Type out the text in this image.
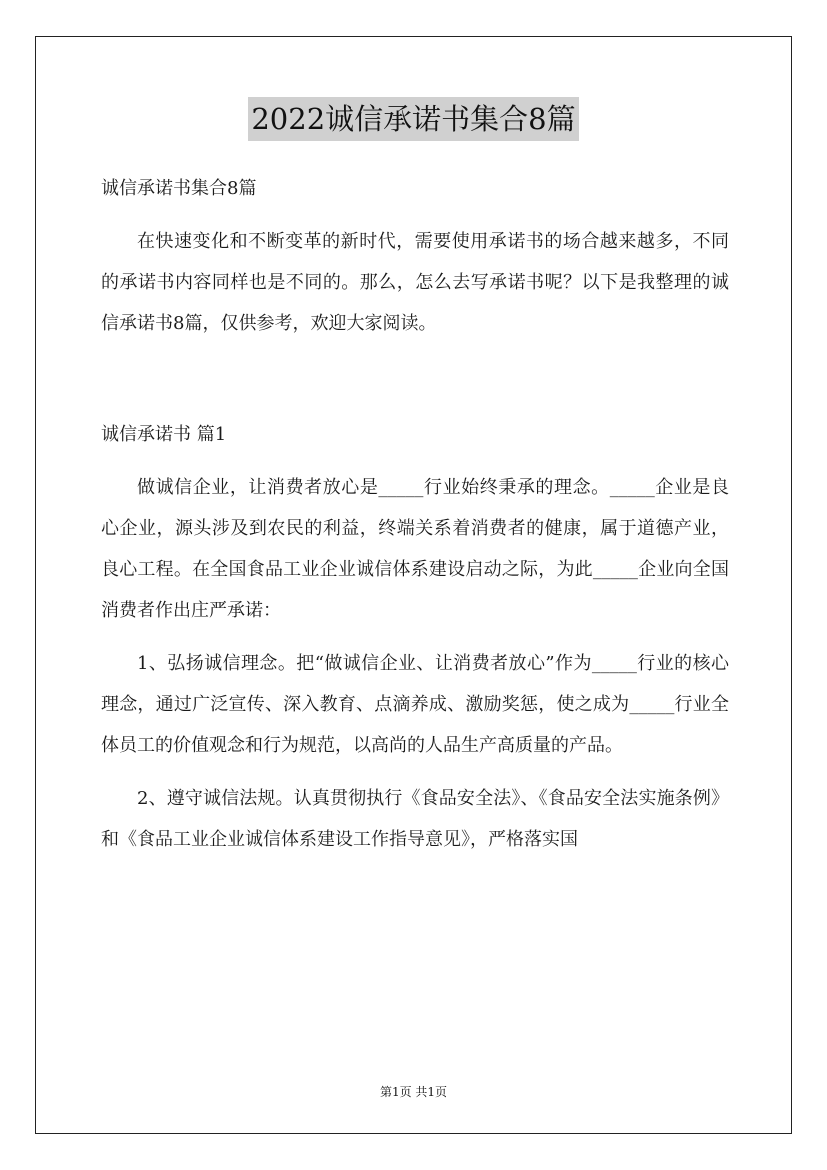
2022诚信承诺书集合8篇

诚信承诺书集合8篇

在快速变化和不断变革的新时代，需要使用承诺书的场合越来越多，不同的承诺书内容同样也是不同的。那么，怎么去写承诺书呢？以下是我整理的诚信承诺书8篇，仅供参考，欢迎大家阅读。

诚信承诺书 篇1

做诚信企业，让消费者放心是_____行业始终秉承的理念。_____企业是良心企业，源头涉及到农民的利益，终端关系着消费者的健康，属于道德产业，良心工程。在全国食品工业企业诚信体系建设启动之际，为此_____企业向全国消费者作出庄严承诺：

1、弘扬诚信理念。把“做诚信企业、让消费者放心”作为_____行业的核心理念，通过广泛宣传、深入教育、点滴养成、激励奖惩，使之成为_____行业全体员工的价值观念和行为规范，以高尚的人品生产高质量的产品。

2、遵守诚信法规。认真贯彻执行《食品安全法》、《食品安全法实施条例》和《食品工业企业诚信体系建设工作指导意见》，严格落实国

第1页 共1页
